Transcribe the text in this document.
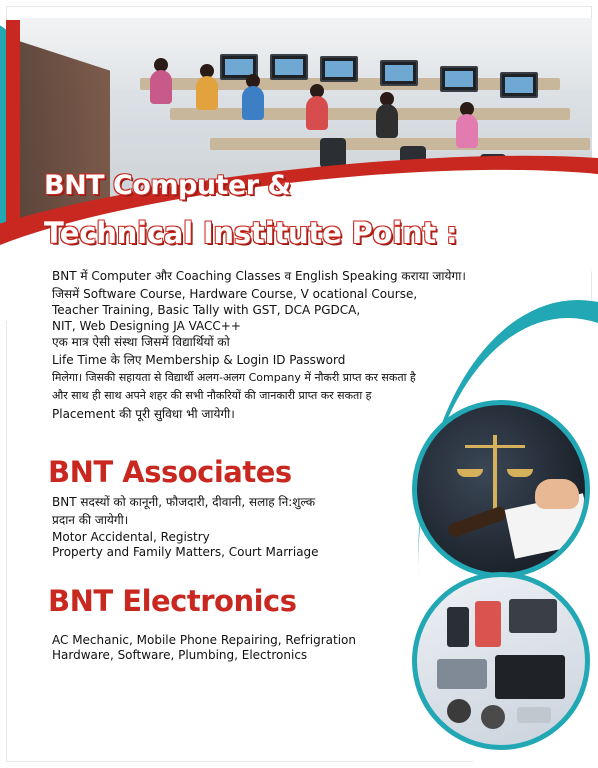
BNT Computer &
Technical Institute Point :
BNT में Computer और Coaching Classes व English Speaking कराया जायेगा।
जिसमें Software Course, Hardware Course, V ocational Course,
Teacher Training, Basic Tally with GST, DCA PGDCA,
NIT, Web Designing JA VACC++
एक मात्र ऐसी संस्था जिसमें विद्यार्थियों को
Life Time के लिए Membership & Login ID Password
मिलेगा। जिसकी सहायता से विद्यार्थी अलग-अलग Company में नौकरी प्राप्त कर सकता है
और साथ ही साथ अपने शहर की सभी नौकरियों की जानकारी प्राप्त कर सकता ह
Placement की पूरी सुविधा भी जायेगी।
BNT Associates
BNT सदस्यों को कानूनी, फौजदारी, दीवानी, सलाह नि:शुल्क
प्रदान की जायेगी।
Motor Accidental, Registry
Property and Family Matters, Court Marriage
BNT Electronics
AC Mechanic, Mobile Phone Repairing, Refrigration
Hardware, Software, Plumbing, Electronics
